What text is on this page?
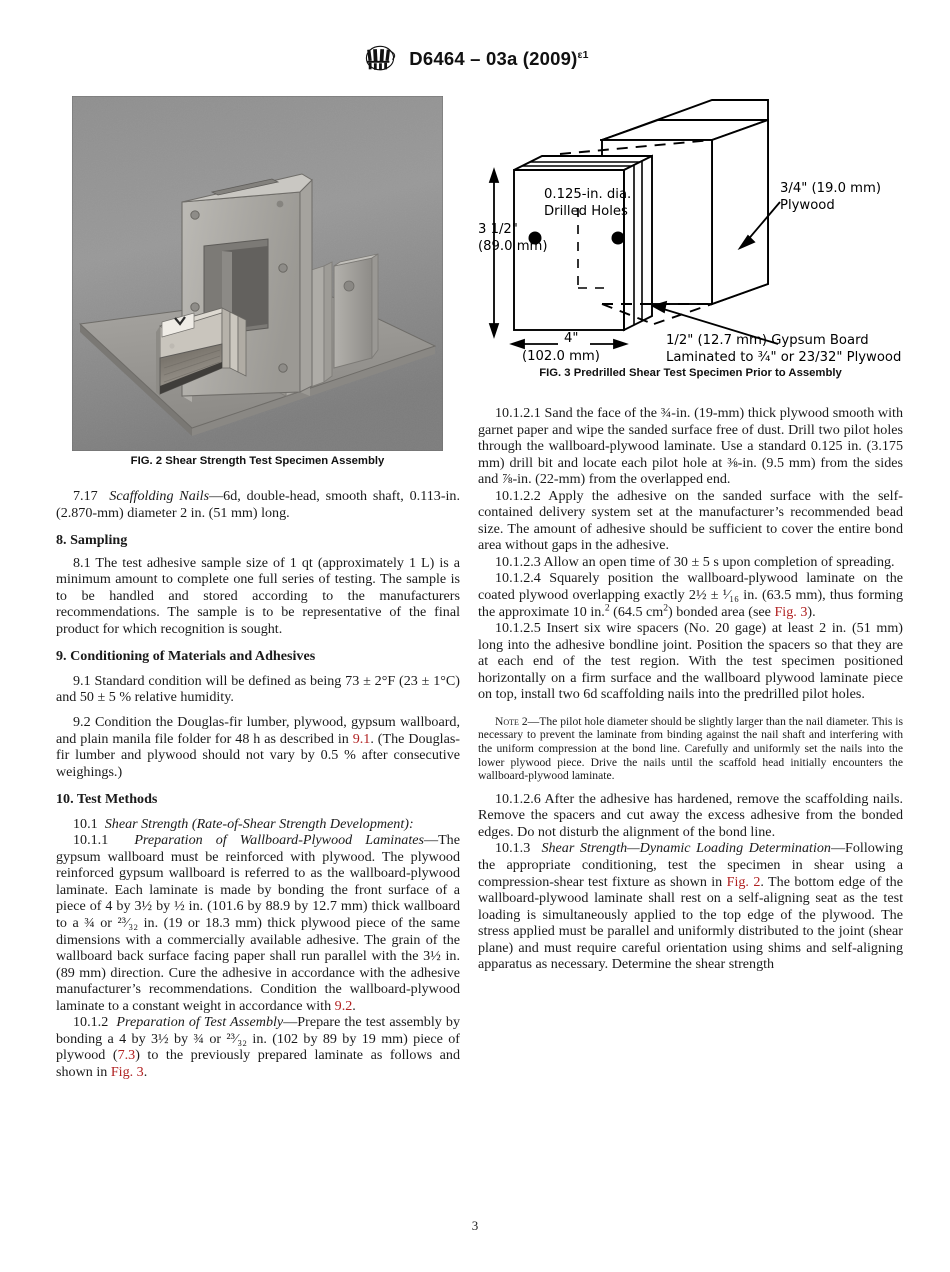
D6464 – 03a $(2009)^{\varepsilon 1}$
FIG. 2 Shear Strength Test Specimen Assembly
3 1/2"
(89.0 mm)
4"
(102.0 mm)
0.125-in. dia.
Drilled Holes
3/4" (19.0 mm)
Plywood
1/2" (12.7 mm) Gypsum Board
Laminated to ¾" or 23/32" Plywood
FIG. 3 Predrilled Shear Test Specimen Prior to Assembly

7.17 Scaffolding Nails—6d, double-head, smooth shaft, 0.113-in. (2.870-mm) diameter 2 in. (51 mm) long.

8. Sampling

8.1 The test adhesive sample size of 1 qt (approximately 1 L) is a minimum amount to complete one full series of testing. The sample is to be handled and stored according to the manufacturers recommendations. The sample is to be representative of the final product for which recognition is sought.

9. Conditioning of Materials and Adhesives

9.1 Standard condition will be defined as being 73 ± 2°F (23 ± 1°C) and 50 ± 5 % relative humidity.

9.2 Condition the Douglas-fir lumber, plywood, gypsum wallboard, and plain manila file folder for 48 h as described in 9.1. (The Douglas-fir lumber and plywood should not vary by 0.5 % after consecutive weighings.)

10. Test Methods

10.1 Shear Strength (Rate-of-Shear Strength Development):

10.1.1 Preparation of Wallboard-Plywood Laminates—The gypsum wallboard must be reinforced with plywood. The plywood reinforced gypsum wallboard is referred to as the wallboard-plywood laminate. Each laminate is made by bonding the front surface of a piece of 4 by 3½ by ½ in. (101.6 by 88.9 by 12.7 mm) thick wallboard to a ¾ or ²³⁄₃₂ in. (19 or 18.3 mm) thick plywood piece of the same dimensions with a commercially available adhesive. The grain of the wallboard back surface facing paper shall run parallel with the 3½ in. (89 mm) direction. Cure the adhesive in accordance with the adhesive manufacturer’s recommendations. Condition the wallboard-plywood laminate to a constant weight in accordance with 9.2.

10.1.2 Preparation of Test Assembly—Prepare the test assembly by bonding a 4 by 3½ by ¾ or ²³⁄₃₂ in. (102 by 89 by 19 mm) piece of plywood (7.3) to the previously prepared laminate as follows and shown in Fig. 3.

10.1.2.1 Sand the face of the ¾-in. (19-mm) thick plywood smooth with garnet paper and wipe the sanded surface free of dust. Drill two pilot holes through the wallboard-plywood laminate. Use a standard 0.125 in. (3.175 mm) drill bit and locate each pilot hole at ⅜-in. (9.5 mm) from the sides and ⅞-in. (22-mm) from the overlapped end.

10.1.2.2 Apply the adhesive on the sanded surface with the self-contained delivery system set at the manufacturer’s recommended bead size. The amount of adhesive should be sufficient to cover the entire bond area without gaps in the adhesive.

10.1.2.3 Allow an open time of 30 ± 5 s upon completion of spreading.

10.1.2.4 Squarely position the wallboard-plywood laminate on the coated plywood overlapping exactly 2½ ± ¹⁄₁₆ in. (63.5 mm), thus forming the approximate 10 in.$^2$ (64.5 $cm^2$) bonded area (see Fig. 3).

10.1.2.5 Insert six wire spacers (No. 20 gage) at least 2 in. (51 mm) long into the adhesive bondline joint. Position the spacers so that they are at each end of the test region. With the test specimen positioned horizontally on a firm surface and the wallboard plywood laminate piece on top, install two 6d scaffolding nails into the predrilled pilot holes.

Note 2—The pilot hole diameter should be slightly larger than the nail diameter. This is necessary to prevent the laminate from binding against the nail shaft and interfering with the uniform compression at the bond line. Carefully and uniformly set the nails into the lower plywood piece. Drive the nails until the scaffold head initially encounters the wallboard-plywood laminate.

10.1.2.6 After the adhesive has hardened, remove the scaffolding nails. Remove the spacers and cut away the excess adhesive from the bonded edges. Do not disturb the alignment of the bond line.

10.1.3 Shear Strength—Dynamic Loading Determination—Following the appropriate conditioning, test the specimen in shear using a compression-shear test fixture as shown in Fig. 2. The bottom edge of the wallboard-plywood laminate shall rest on a self-aligning seat as the test loading is simultaneously applied to the top edge of the plywood. The stress applied must be parallel and uniformly distributed to the joint (shear plane) and must require careful orientation using shims and self-aligning apparatus as necessary. Determine the shear strength

3
